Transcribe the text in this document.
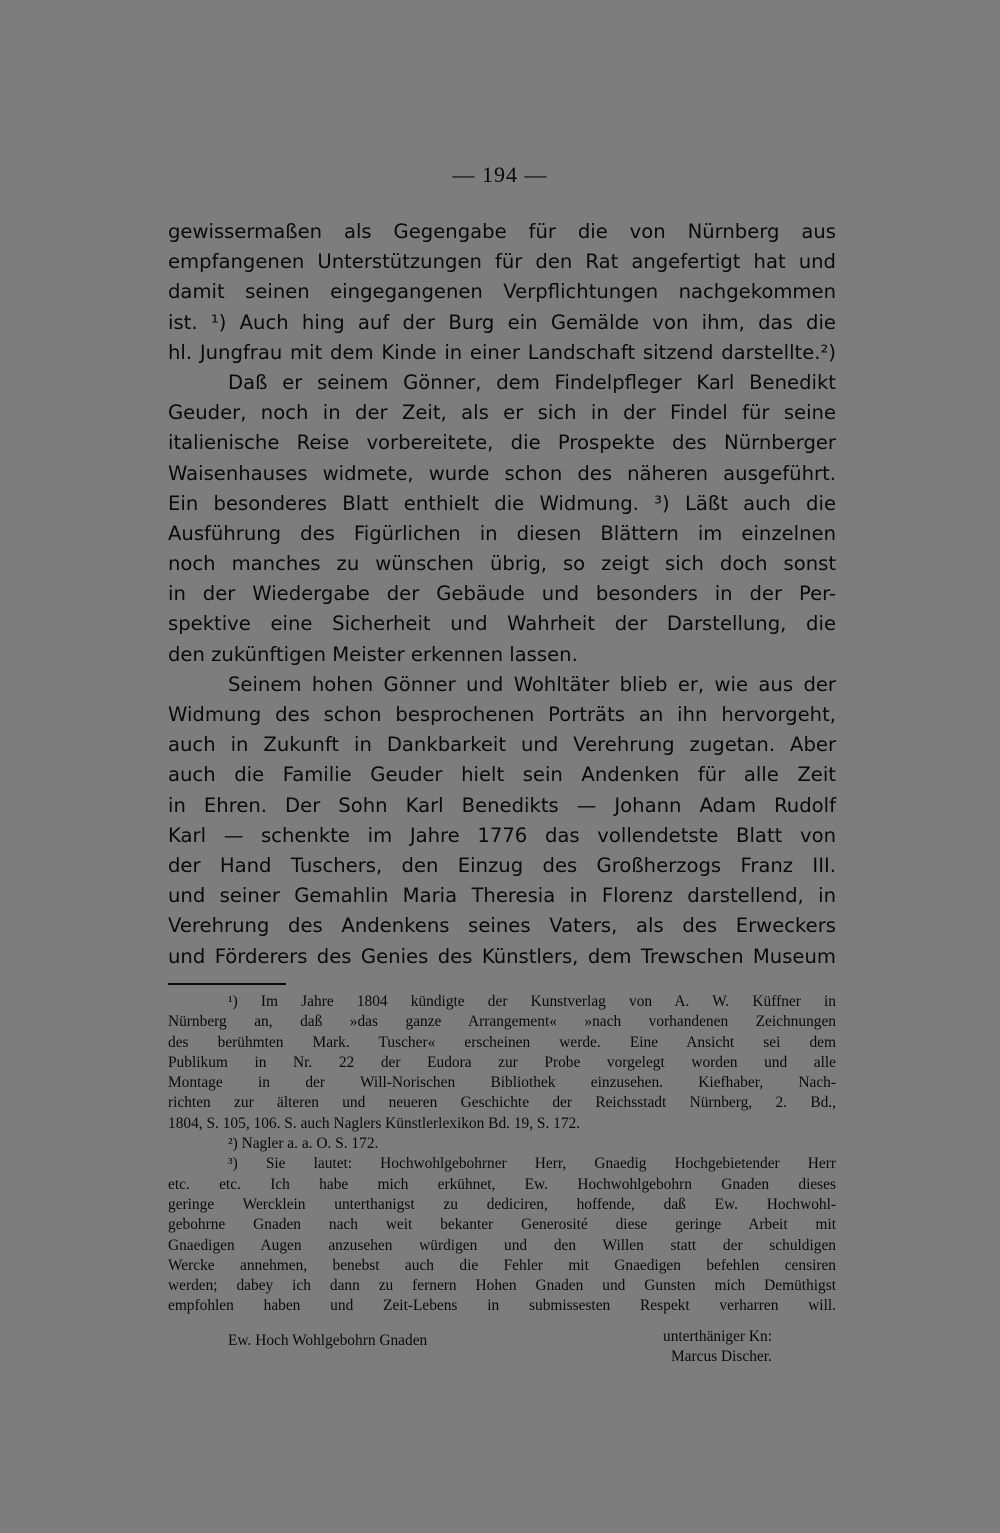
— 194 —
gewissermaßen als Gegengabe für die von Nürnberg aus
empfangenen Unterstützungen für den Rat angefertigt hat und
damit seinen eingegangenen Verpflichtungen nachgekommen
ist. ¹) Auch hing auf der Burg ein Gemälde von ihm, das die
hl. Jungfrau mit dem Kinde in einer Landschaft sitzend darstellte.²)
Daß er seinem Gönner, dem Findelpfleger Karl Benedikt
Geuder, noch in der Zeit, als er sich in der Findel für seine
italienische Reise vorbereitete, die Prospekte des Nürnberger
Waisenhauses widmete, wurde schon des näheren ausgeführt.
Ein besonderes Blatt enthielt die Widmung. ³) Läßt auch die
Ausführung des Figürlichen in diesen Blättern im einzelnen
noch manches zu wünschen übrig, so zeigt sich doch sonst
in der Wiedergabe der Gebäude und besonders in der Per-
spektive eine Sicherheit und Wahrheit der Darstellung, die
den zukünftigen Meister erkennen lassen.
Seinem hohen Gönner und Wohltäter blieb er, wie aus der
Widmung des schon besprochenen Porträts an ihn hervorgeht,
auch in Zukunft in Dankbarkeit und Verehrung zugetan. Aber
auch die Familie Geuder hielt sein Andenken für alle Zeit
in Ehren. Der Sohn Karl Benedikts — Johann Adam Rudolf
Karl — schenkte im Jahre 1776 das vollendetste Blatt von
der Hand Tuschers, den Einzug des Großherzogs Franz III.
und seiner Gemahlin Maria Theresia in Florenz darstellend, in
Verehrung des Andenkens seines Vaters, als des Erweckers
und Förderers des Genies des Künstlers, dem Trewschen Museum
¹) Im Jahre 1804 kündigte der Kunstverlag von A. W. Küffner in
Nürnberg an, daß »das ganze Arrangement« »nach vorhandenen Zeichnungen
des berühmten Mark. Tuscher« erscheinen werde. Eine Ansicht sei dem
Publikum in Nr. 22 der Eudora zur Probe vorgelegt worden und alle
Montage in der Will-Norischen Bibliothek einzusehen. Kiefhaber, Nach-
richten zur älteren und neueren Geschichte der Reichsstadt Nürnberg, 2. Bd.,
1804, S. 105, 106. S. auch Naglers Künstlerlexikon Bd. 19, S. 172.
²) Nagler a. a. O. S. 172.
³) Sie lautet: Hochwohlgebohrner Herr, Gnaedig Hochgebietender Herr
etc. etc. Ich habe mich erkühnet, Ew. Hochwohlgebohrn Gnaden dieses
geringe Wercklein unterthanigst zu dediciren, hoffende, daß Ew. Hochwohl-
gebohrne Gnaden nach weit bekanter Generosité diese geringe Arbeit mit
Gnaedigen Augen anzusehen würdigen und den Willen statt der schuldigen
Wercke annehmen, benebst auch die Fehler mit Gnaedigen befehlen censiren
werden; dabey ich dann zu fernern Hohen Gnaden und Gunsten mich Demüthigst
empfohlen haben und Zeit-Lebens in submissesten Respekt verharren will.
Ew. Hoch Wohlgebohrn Gnaden	unterthäniger Kn:
Marcus Discher.
